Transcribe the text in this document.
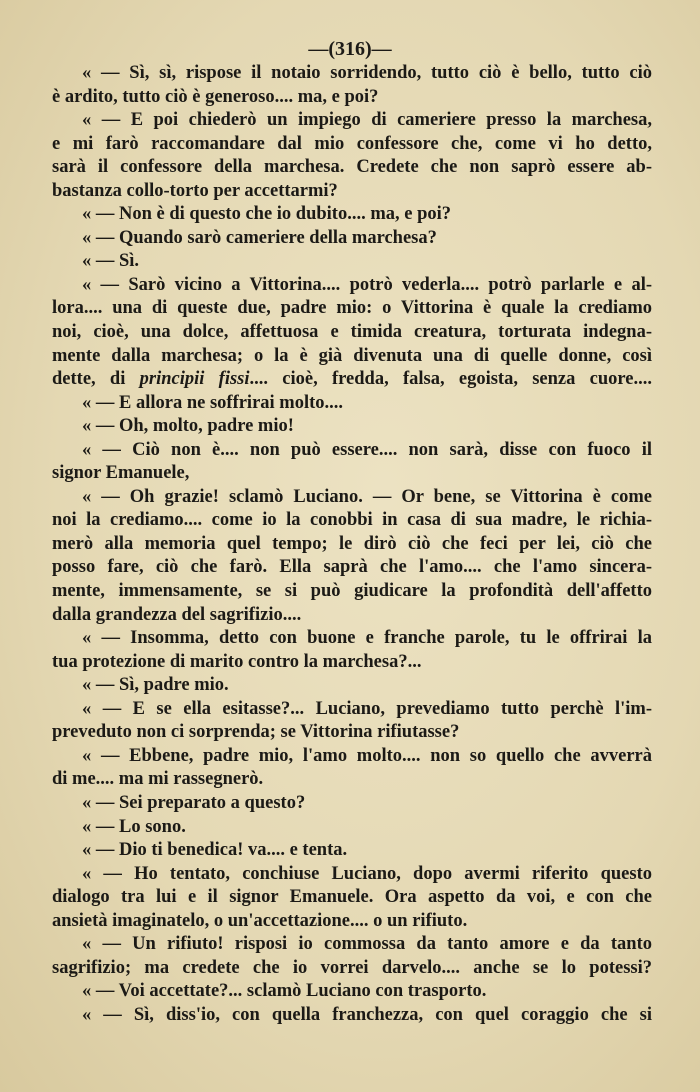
—(316)—
« — Sì, sì, rispose il notaio sorridendo, tutto ciò è bello, tutto ciò
è ardito, tutto ciò è generoso.... ma, e poi?
« — E poi chiederò un impiego di cameriere presso la marchesa,
e mi farò raccomandare dal mio confessore che, come vi ho detto,
sarà il confessore della marchesa. Credete che non saprò essere ab-
bastanza collo-torto per accettarmi?
« — Non è di questo che io dubito.... ma, e poi?
« — Quando sarò cameriere della marchesa?
« — Sì.
« — Sarò vicino a Vittorina.... potrò vederla.... potrò parlarle e al-
lora.... una di queste due, padre mio: o Vittorina è quale la crediamo
noi, cioè, una dolce, affettuosa e timida creatura, torturata indegna-
mente dalla marchesa; o la è già divenuta una di quelle donne, così
dette, di principii fissi.... cioè, fredda, falsa, egoista, senza cuore....
« — E allora ne soffrirai molto....
« — Oh, molto, padre mio!
« — Ciò non è.... non può essere.... non sarà, disse con fuoco il
signor Emanuele,
« — Oh grazie! sclamò Luciano. — Or bene, se Vittorina è come
noi la crediamo.... come io la conobbi in casa di sua madre, le richia-
merò alla memoria quel tempo; le dirò ciò che feci per lei, ciò che
posso fare, ciò che farò. Ella saprà che l'amo.... che l'amo sincera-
mente, immensamente, se si può giudicare la profondità dell'affetto
dalla grandezza del sagrifizio....
« — Insomma, detto con buone e franche parole, tu le offrirai la
tua protezione di marito contro la marchesa?...
« — Sì, padre mio.
« — E se ella esitasse?... Luciano, prevediamo tutto perchè l'im-
preveduto non ci sorprenda; se Vittorina rifiutasse?
« — Ebbene, padre mio, l'amo molto.... non so quello che avverrà
di me.... ma mi rassegnerò.
« — Sei preparato a questo?
« — Lo sono.
« — Dio ti benedica! va.... e tenta.
« — Ho tentato, conchiuse Luciano, dopo avermi riferito questo
dialogo tra lui e il signor Emanuele. Ora aspetto da voi, e con che
ansietà imaginatelo, o un'accettazione.... o un rifiuto.
« — Un rifiuto! risposi io commossa da tanto amore e da tanto
sagrifizio; ma credete che io vorrei darvelo.... anche se lo potessi?
« — Voi accettate?... sclamò Luciano con trasporto.
« — Sì, diss'io, con quella franchezza, con quel coraggio che si
